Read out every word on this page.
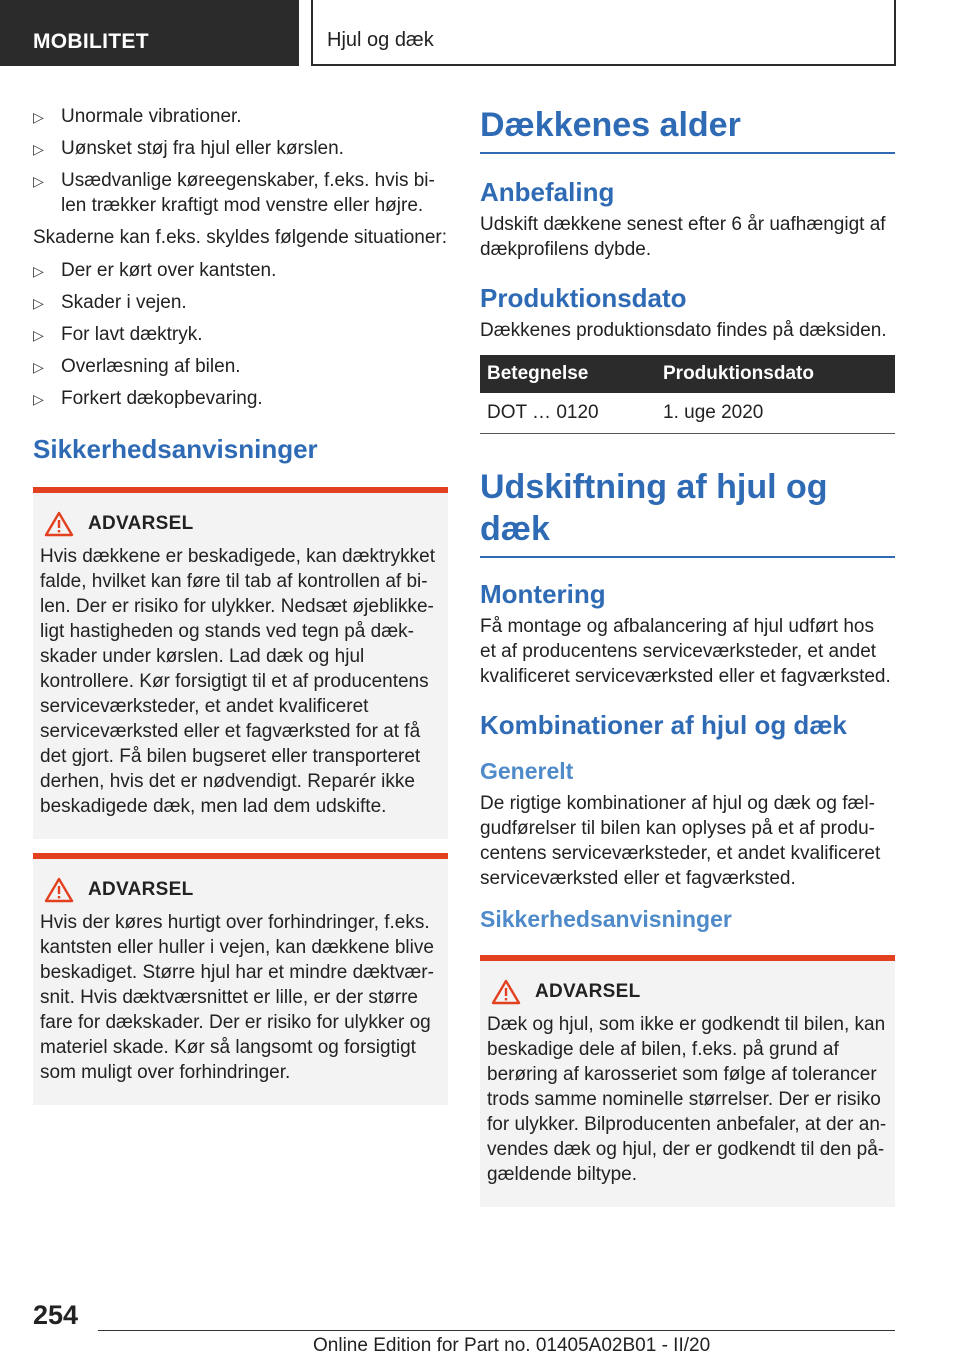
MOBILITET	Hjul og dæk
▷ Unormale vibrationer.
▷ Uønsket støj fra hjul eller kørslen.
▷ Usædvanlige køreegenskaber, f.eks. hvis bilen trækker kraftigt mod venstre eller højre.
Skaderne kan f.eks. skyldes følgende situationer:
▷ Der er kørt over kantsten.
▷ Skader i vejen.
▷ For lavt dæktryk.
▷ Overlæsning af bilen.
▷ Forkert dækopbevaring.
Sikkerhedsanvisninger
ADVARSEL
Hvis dækkene er beskadigede, kan dæktrykket falde, hvilket kan føre til tab af kontrollen af bilen. Der er risiko for ulykker. Nedsæt øjeblikkeligt hastigheden og stands ved tegn på dækskader under kørslen. Lad dæk og hjul kontrollere. Kør forsigtigt til et af producentens serviceværksteder, et andet kvalificeret serviceværksted eller et fagværksted for at få det gjort. Få bilen bugseret eller transporteret derhen, hvis det er nødvendigt. Reparér ikke beskadigede dæk, men lad dem udskifte.
ADVARSEL
Hvis der køres hurtigt over forhindringer, f.eks. kantsten eller huller i vejen, kan dækkene blive beskadiget. Større hjul har et mindre dæktværsnit. Hvis dæktværsnittet er lille, er der større fare for dækskader. Der er risiko for ulykker og materiel skade. Kør så langsomt og forsigtigt som muligt over forhindringer.
Dækkenes alder
Anbefaling
Udskift dækkene senest efter 6 år uafhængigt af dækprofilens dybde.
Produktionsdato
Dækkenes produktionsdato findes på dæksiden.
Betegnelse	Produktionsdato
DOT … 0120	1. uge 2020
Udskiftning af hjul og dæk
Montering
Få montage og afbalancering af hjul udført hos et af producentens serviceværksteder, et andet kvalificeret serviceværksted eller et fagværksted.
Kombinationer af hjul og dæk
Generelt
De rigtige kombinationer af hjul og dæk og fælgudførelser til bilen kan oplyses på et af producentens serviceværksteder, et andet kvalificeret serviceværksted eller et fagværksted.
Sikkerhedsanvisninger
ADVARSEL
Dæk og hjul, som ikke er godkendt til bilen, kan beskadige dele af bilen, f.eks. på grund af berøring af karosseriet som følge af tolerancer trods samme nominelle størrelser. Der er risiko for ulykker. Bilproducenten anbefaler, at der anvendes dæk og hjul, der er godkendt til den pågældende biltype.
254
Online Edition for Part no. 01405A02B01 - II/20
